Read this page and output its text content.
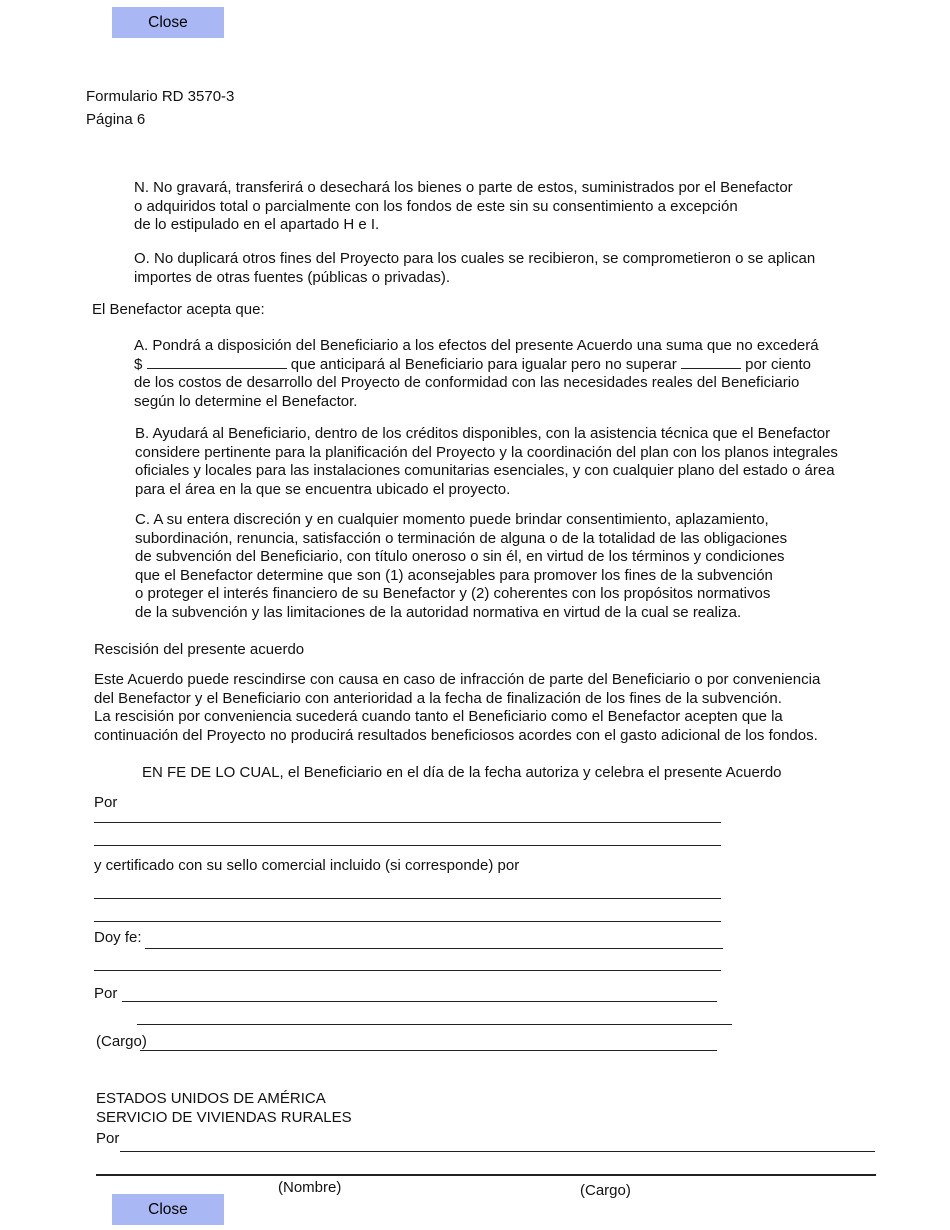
Close
Formulario RD 3570-3
Página 6
N. No gravará, transferirá o desechará los bienes o parte de estos, suministrados por el Benefactor
o adquiridos total o parcialmente con los fondos de este sin su consentimiento a excepción
de lo estipulado en el apartado H e I.
O. No duplicará otros fines del Proyecto para los cuales se recibieron, se comprometieron o se aplican
importes de otras fuentes (públicas o privadas).
El Benefactor acepta que:
A. Pondrá a disposición del Beneficiario a los efectos del presente Acuerdo una suma que no excederá
$	que anticipará al Beneficiario para igualar pero no superar	por ciento
de los costos de desarrollo del Proyecto de conformidad con las necesidades reales del Beneficiario
según lo determine el Benefactor.
B. Ayudará al Beneficiario, dentro de los créditos disponibles, con la asistencia técnica que el Benefactor
considere pertinente para la planificación del Proyecto y la coordinación del plan con los planos integrales
oficiales y locales para las instalaciones comunitarias esenciales, y con cualquier plano del estado o área
para el área en la que se encuentra ubicado el proyecto.
C. A su entera discreción y en cualquier momento puede brindar consentimiento, aplazamiento,
subordinación, renuncia, satisfacción o terminación de alguna o de la totalidad de las obligaciones
de subvención del Beneficiario, con título oneroso o sin él, en virtud de los términos y condiciones
que el Benefactor determine que son (1) aconsejables para promover los fines de la subvención
o proteger el interés financiero de su Benefactor y (2) coherentes con los propósitos normativos
de la subvención y las limitaciones de la autoridad normativa en virtud de la cual se realiza.
Rescisión del presente acuerdo
Este Acuerdo puede rescindirse con causa en caso de infracción de parte del Beneficiario o por conveniencia
del Benefactor y el Beneficiario con anterioridad a la fecha de finalización de los fines de la subvención.
La rescisión por conveniencia sucederá cuando tanto el Beneficiario como el Benefactor acepten que la
continuación del Proyecto no producirá resultados beneficiosos acordes con el gasto adicional de los fondos.
EN FE DE LO CUAL, el Beneficiario en el día de la fecha autoriza y celebra el presente Acuerdo
Por
y certificado con su sello comercial incluido (si corresponde) por
Doy fe:
Por
(Cargo)
ESTADOS UNIDOS DE AMÉRICA
SERVICIO DE VIVIENDAS RURALES
Por
(Nombre)	(Cargo)
Close
